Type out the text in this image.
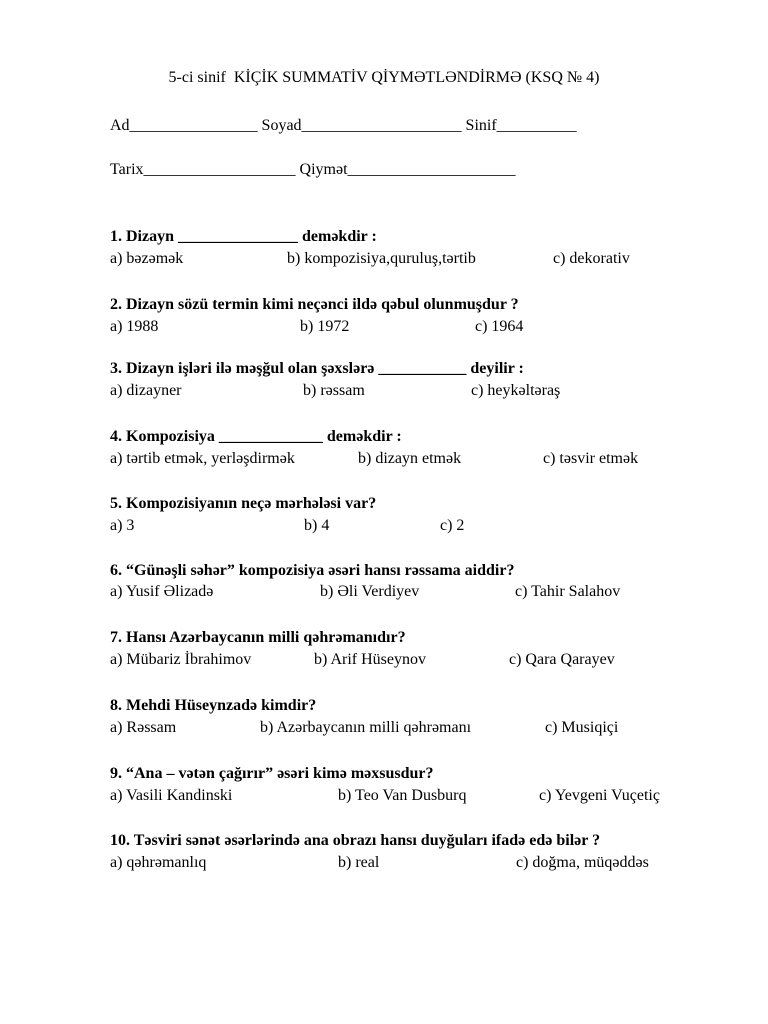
5-ci sinif  KİÇİK SUMMATİV QİYMƏTLƏNDİRMƏ (KSQ № 4)
Ad________________ Soyad____________________ Sinif__________
Tarix___________________ Qiymət_____________________
1. Dizayn _______________ deməkdir :
a) bəzəmək	b) kompozisiya,quruluş,tərtib	c) dekorativ
2. Dizayn sözü termin kimi neçənci ildə qəbul olunmuşdur ?
a) 1988	b) 1972	c) 1964
3. Dizayn işləri ilə məşğul olan şəxslərə ___________ deyilir :
a) dizayner	b) rəssam	c) heykəltəraş
4. Kompozisiya _____________ deməkdir :
a) tərtib etmək, yerləşdirmək	b) dizayn etmək	c) təsvir etmək
5. Kompozisiyanın neçə mərhələsi var?
a) 3	b) 4	c) 2
6. “Günəşli səhər” kompozisiya əsəri hansı rəssama aiddir?
a) Yusif Əlizadə	b) Əli Verdiyev	c) Tahir Salahov
7. Hansı Azərbaycanın milli qəhrəmanıdır?
a) Mübariz İbrahimov	b) Arif Hüseynov	c) Qara Qarayev
8. Mehdi Hüseynzadə kimdir?
a) Rəssam	b) Azərbaycanın milli qəhrəmanı	c) Musiqiçi
9. “Ana – vətən çağırır” əsəri kimə məxsusdur?
a) Vasili Kandinski	b) Teo Van Dusburq	c) Yevgeni Vuçetiç
10. Təsviri sənət əsərlərində ana obrazı hansı duyğuları ifadə edə bilər ?
a) qəhrəmanlıq	b) real	c) doğma, müqəddəs
